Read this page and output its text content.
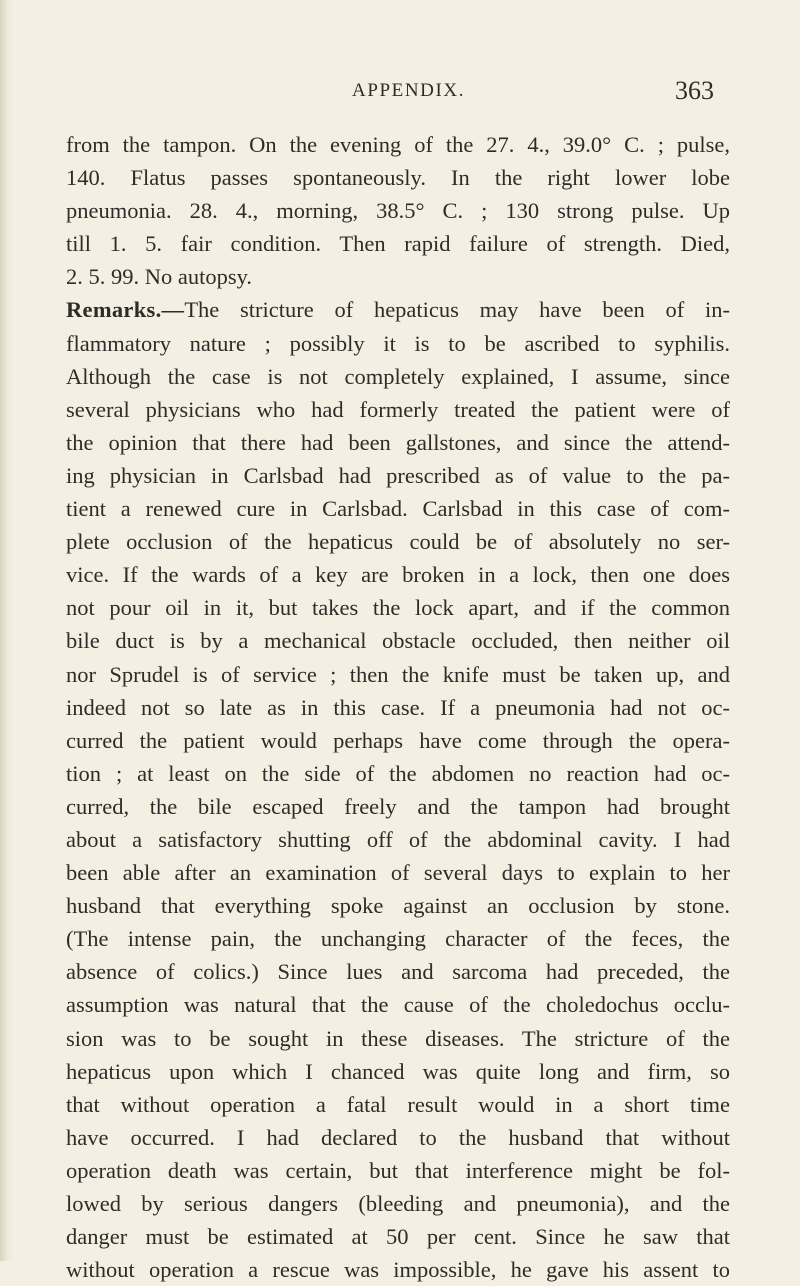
APPENDIX.	363
from the tampon. On the evening of the 27. 4., 39.0° C. ; pulse,
140. Flatus passes spontaneously. In the right lower lobe
pneumonia. 28. 4., morning, 38.5° C. ; 130 strong pulse. Up
till 1. 5. fair condition. Then rapid failure of strength. Died,
2. 5. 99. No autopsy.
Remarks.—The stricture of hepaticus may have been of in-
flammatory nature ; possibly it is to be ascribed to syphilis.
Although the case is not completely explained, I assume, since
several physicians who had formerly treated the patient were of
the opinion that there had been gallstones, and since the attend-
ing physician in Carlsbad had prescribed as of value to the pa-
tient a renewed cure in Carlsbad. Carlsbad in this case of com-
plete occlusion of the hepaticus could be of absolutely no ser-
vice. If the wards of a key are broken in a lock, then one does
not pour oil in it, but takes the lock apart, and if the common
bile duct is by a mechanical obstacle occluded, then neither oil
nor Sprudel is of service ; then the knife must be taken up, and
indeed not so late as in this case. If a pneumonia had not oc-
curred the patient would perhaps have come through the opera-
tion ; at least on the side of the abdomen no reaction had oc-
curred, the bile escaped freely and the tampon had brought
about a satisfactory shutting off of the abdominal cavity. I had
been able after an examination of several days to explain to her
husband that everything spoke against an occlusion by stone.
(The intense pain, the unchanging character of the feces, the
absence of colics.) Since lues and sarcoma had preceded, the
assumption was natural that the cause of the choledochus occlu-
sion was to be sought in these diseases. The stricture of the
hepaticus upon which I chanced was quite long and firm, so
that without operation a fatal result would in a short time
have occurred. I had declared to the husband that without
operation death was certain, but that interference might be fol-
lowed by serious dangers (bleeding and pneumonia), and the
danger must be estimated at 50 per cent. Since he saw that
without operation a rescue was impossible, he gave his assent to
